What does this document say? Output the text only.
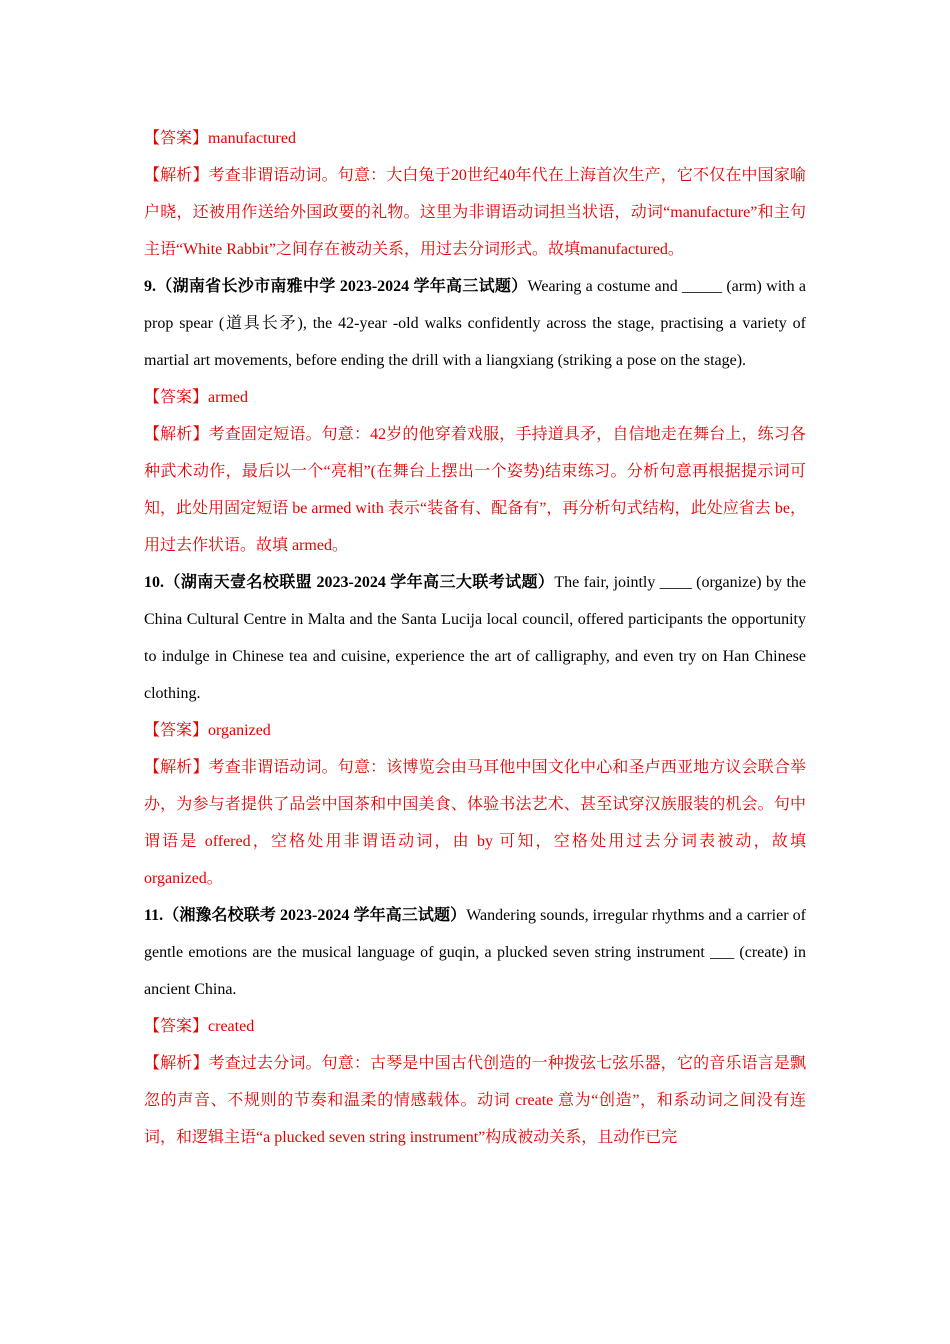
【答案】manufactured

【解析】考查非谓语动词。句意：大白兔于20世纪40年代在上海首次生产，它不仅在中国家喻户晓，还被用作送给外国政要的礼物。这里为非谓语动词担当状语，动词“manufacture”和主句主语“White Rabbit”之间存在被动关系，用过去分词形式。故填manufactured。

9.（湖南省长沙市南雅中学 2023-2024 学年高三试题）Wearing a costume and _____ (arm) with a prop spear (道具长矛), the 42-year -old walks confidently across the stage, practising a variety of martial art movements, before ending the drill with a liangxiang (striking a pose on the stage).

【答案】armed

【解析】考查固定短语。句意：42岁的他穿着戏服，手持道具矛，自信地走在舞台上，练习各种武术动作，最后以一个“亮相”(在舞台上摆出一个姿势)结束练习。分析句意再根据提示词可知，此处用固定短语 be armed with 表示“装备有、配备有”，再分析句式结构，此处应省去 be，用过去作状语。故填 armed。

10.（湖南天壹名校联盟 2023-2024 学年高三大联考试题）The fair, jointly ____ (organize) by the China Cultural Centre in Malta and the Santa Lucija local council, offered participants the opportunity to indulge in Chinese tea and cuisine, experience the art of calligraphy, and even try on Han Chinese clothing.

【答案】organized

【解析】考查非谓语动词。句意：该博览会由马耳他中国文化中心和圣卢西亚地方议会联合举办，为参与者提供了品尝中国茶和中国美食、体验书法艺术、甚至试穿汉族服装的机会。句中谓语是 offered，空格处用非谓语动词，由 by 可知，空格处用过去分词表被动，故填 organized。

11.（湘豫名校联考 2023-2024 学年高三试题）Wandering sounds, irregular rhythms and a carrier of gentle emotions are the musical language of guqin, a plucked seven string instrument ___ (create) in ancient China.

【答案】created

【解析】考查过去分词。句意：古琴是中国古代创造的一种拨弦七弦乐器，它的音乐语言是飘忽的声音、不规则的节奏和温柔的情感载体。动词 create 意为“创造”，和系动词之间没有连词，和逻辑主语“a plucked seven string instrument”构成被动关系，且动作已完
